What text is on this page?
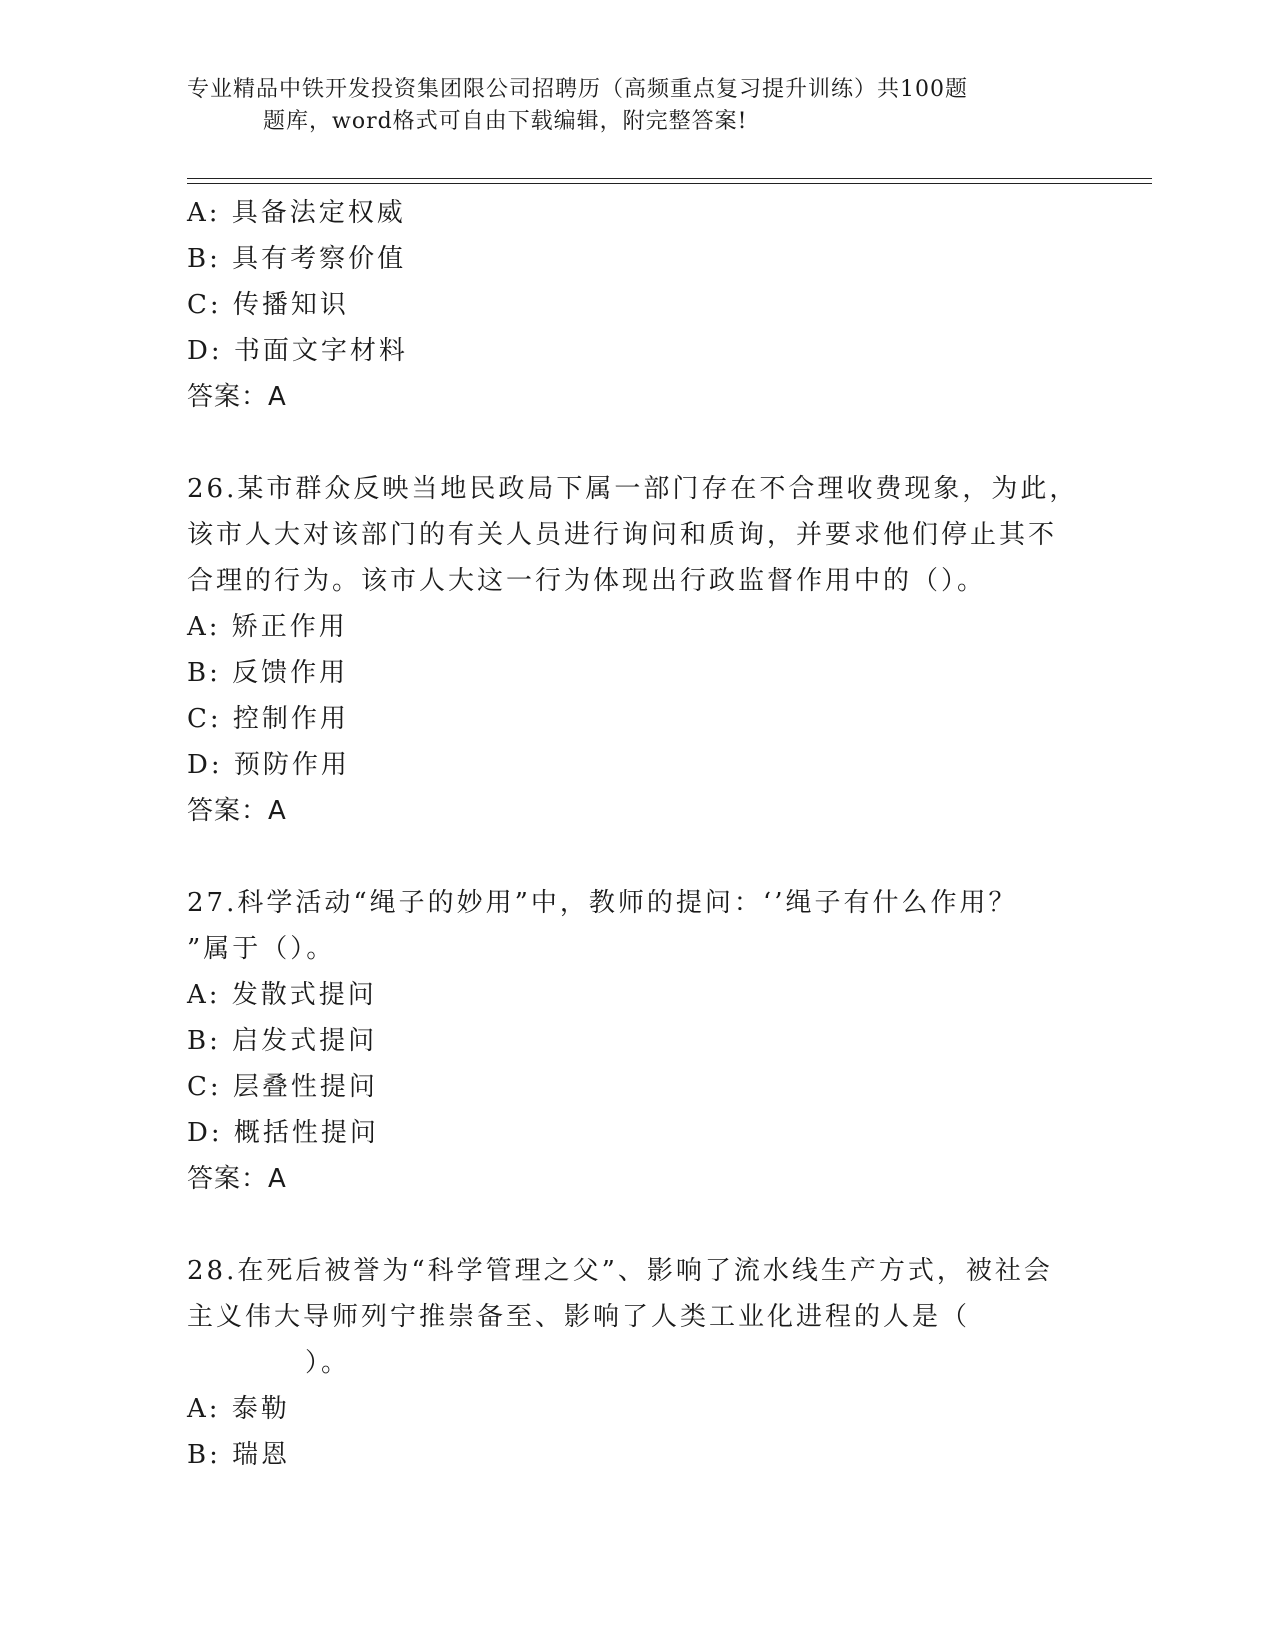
专业精品中铁开发投资集团限公司招聘历（高频重点复习提升训练）共100题
题库，word格式可自由下载编辑，附完整答案!
A: 具备法定权威
B: 具有考察价值
C: 传播知识
D: 书面文字材料
答案：A
26.某市群众反映当地民政局下属一部门存在不合理收费现象，为此，
该市人大对该部门的有关人员进行询问和质询，并要求他们停止其不
合理的行为。该市人大这一行为体现出行政监督作用中的（）。
A: 矫正作用
B: 反馈作用
C: 控制作用
D: 预防作用
答案：A
27.科学活动“绳子的妙用”中，教师的提问：‘’绳子有什么作用？
”属于（）。
A: 发散式提问
B: 启发式提问
C: 层叠性提问
D: 概括性提问
答案：A
28.在死后被誉为“科学管理之父”、影响了流水线生产方式，被社会
主义伟大导师列宁推崇备至、影响了人类工业化进程的人是（
）。
A: 泰勒
B: 瑞恩
